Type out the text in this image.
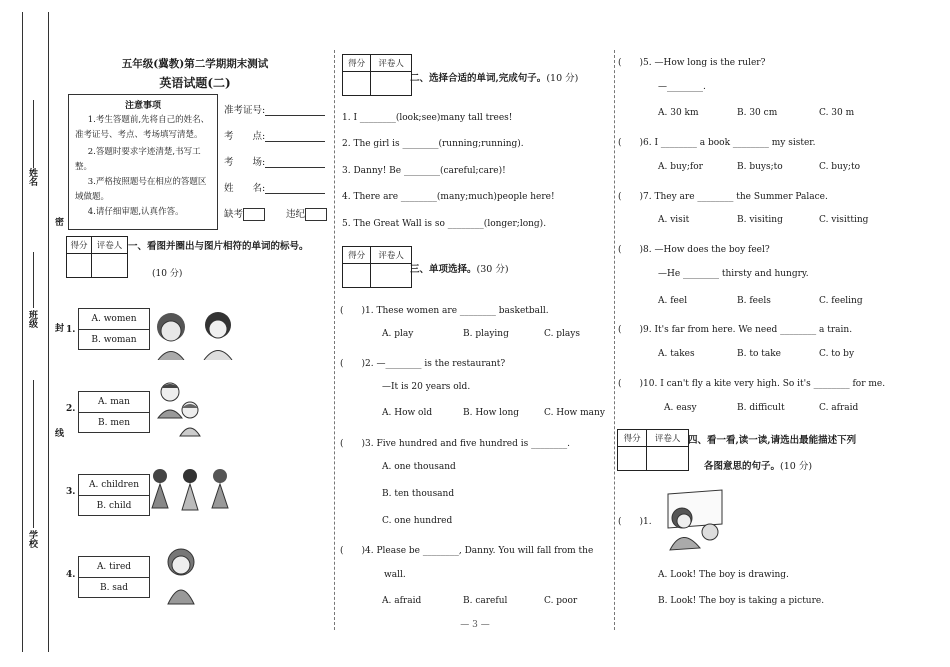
姓名
班级
学校
密
封
线
五年级(冀教)第二学期期末测试
英语试题(二)
注意事项
1.考生答题前,先将自己的姓名、准考证号、考点、考场填写清楚。
2.答题时要求字迹清楚,书写工整。
3.严格按照题号在相应的答题区域做题。
4.请仔细审题,认真作答。
准考证号:
考　　点:
考　　场:
姓　　名:
缺考	违纪
得分	评卷人 一、看图并圈出与图片相符的单词的标号。
(10 分)
1.
A. women
B. woman
2.
A. man
B. men
3.
A. children
B. child
4.
A. tired
B. sad
得分	评卷人
二、选择合适的单词,完成句子。(10 分)
1. I ________(look;see)many tall trees!
2. The girl is ________(running;running).
3. Danny! Be ________(careful;care)!
4. There are ________(many;much)people here!
5. The Great Wall is so ________(longer;long).
得分	评卷人
三、单项选择。(30 分)
(　　)1. These women are ________ basketball.
A. play	B. playing	C. plays
(　　)2. —________ is the restaurant?
—It is 20 years old.
A. How old	B. How long	C. How many
(　　)3. Five hundred and five hundred is ________.
A. one thousand
B. ten thousand
C. one hundred
(　　)4. Please be ________, Danny. You will fall from the
wall.
A. afraid	B. careful	C. poor
(　　)5. —How long is the ruler?
—________.
A. 30 km	B. 30 cm	C. 30 m
(　　)6. I ________ a book ________ my sister.
A. buy;for	B. buys;to	C. buy;to
(　　)7. They are ________ the Summer Palace.
A. visit	B. visiting	C. visitting
(　　)8. —How does the boy feel?
—He ________ thirsty and hungry.
A. feel	B. feels	C. feeling
(　　)9. It's far from here. We need ________ a train.
A. takes	B. to take	C. to by
(　　)10. I can't fly a kite very high. So it's ________ for me.
A. easy	B. difficult	C. afraid
得分	评卷人 四、看一看,读一读,请选出最能描述下列
各图意思的句子。(10 分)
(　　)1.
A. Look! The boy is drawing.
B. Look! The boy is taking a picture.
— 3 —
